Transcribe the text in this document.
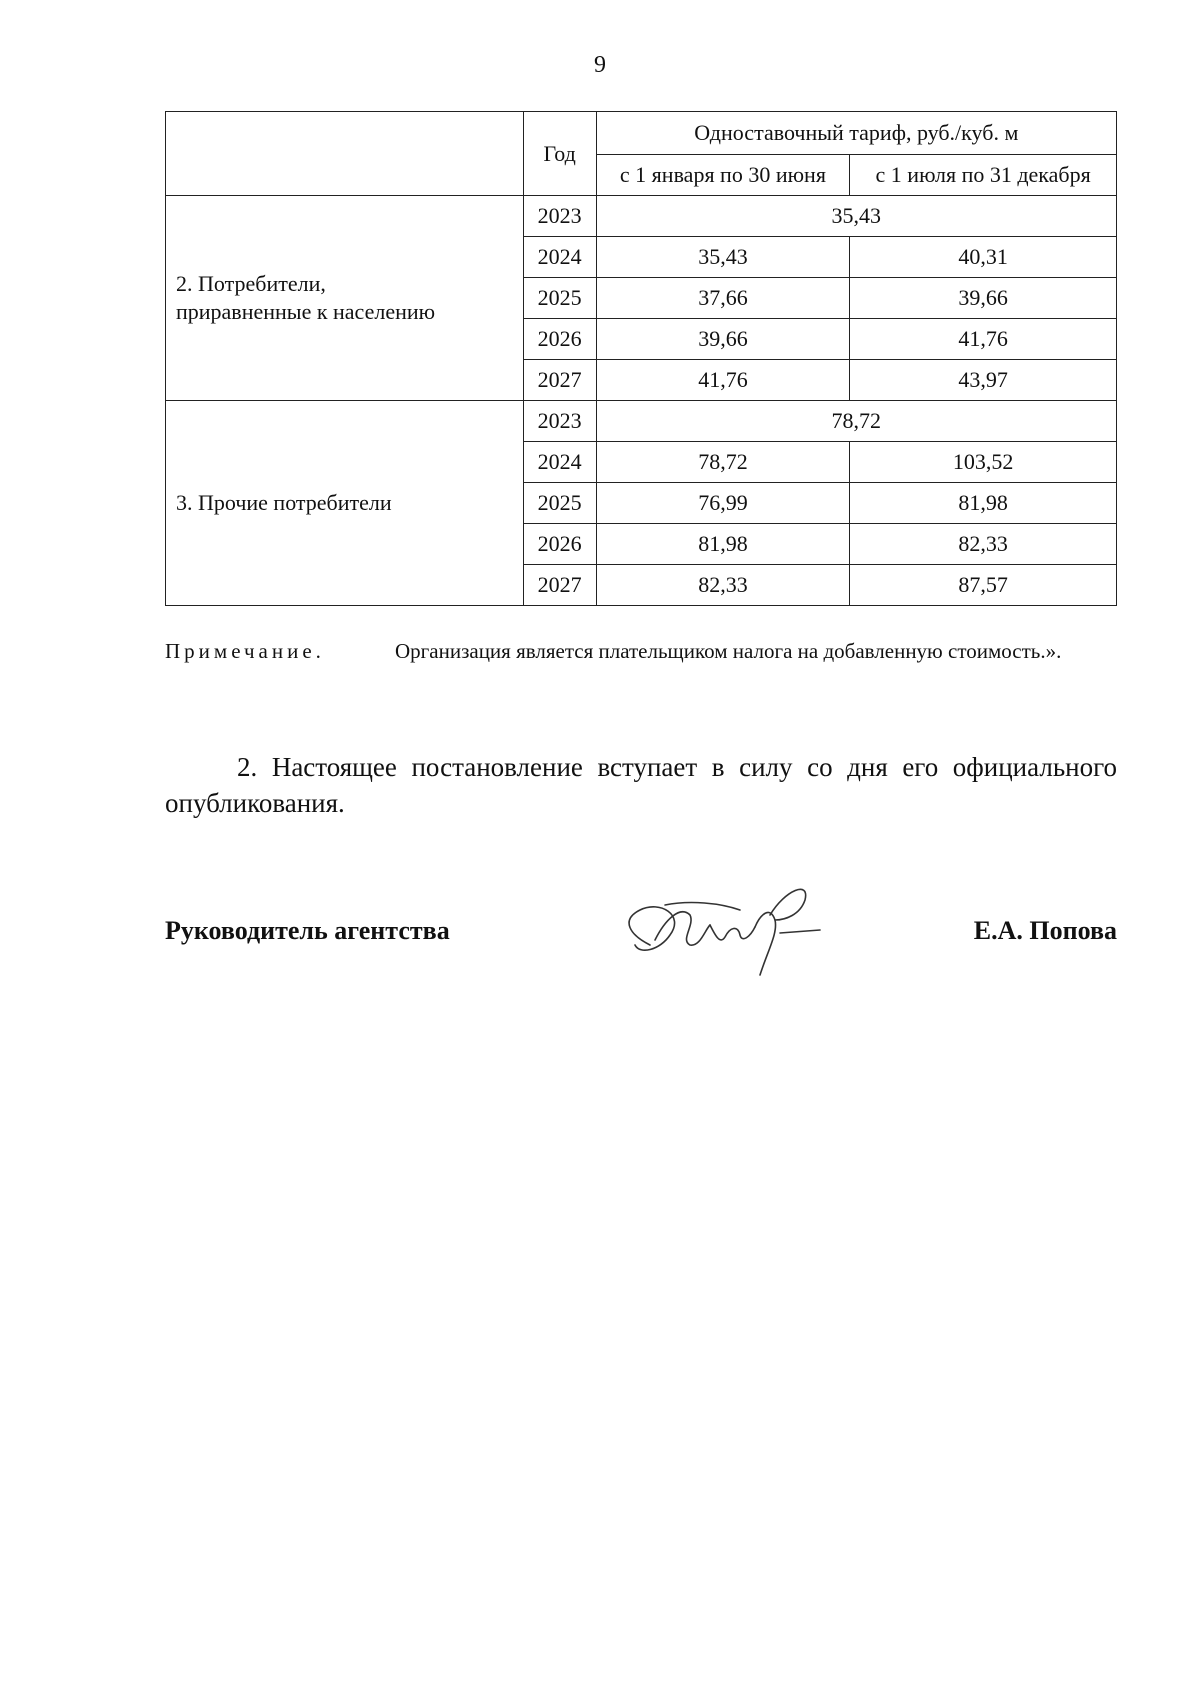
9
	Год	Одноставочный тариф, руб./куб. м	
		с 1 января по 30 июня	с 1 июля по 31 декабря
2. Потребители,
приравненные к населению	2023	35,43	
	2024	35,43	40,31
	2025	37,66	39,66
	2026	39,66	41,76
	2027	41,76	43,97
3. Прочие потребители	2023	78,72	
	2024	78,72	103,52
	2025	76,99	81,98
	2026	81,98	82,33
	2027	82,33	87,57
Примечание.	Организация является плательщиком налога на добавленную стоимость.».
2. Настоящее постановление вступает в силу со дня его официального опубликования.
Руководитель агентства	Е.А. Попова
